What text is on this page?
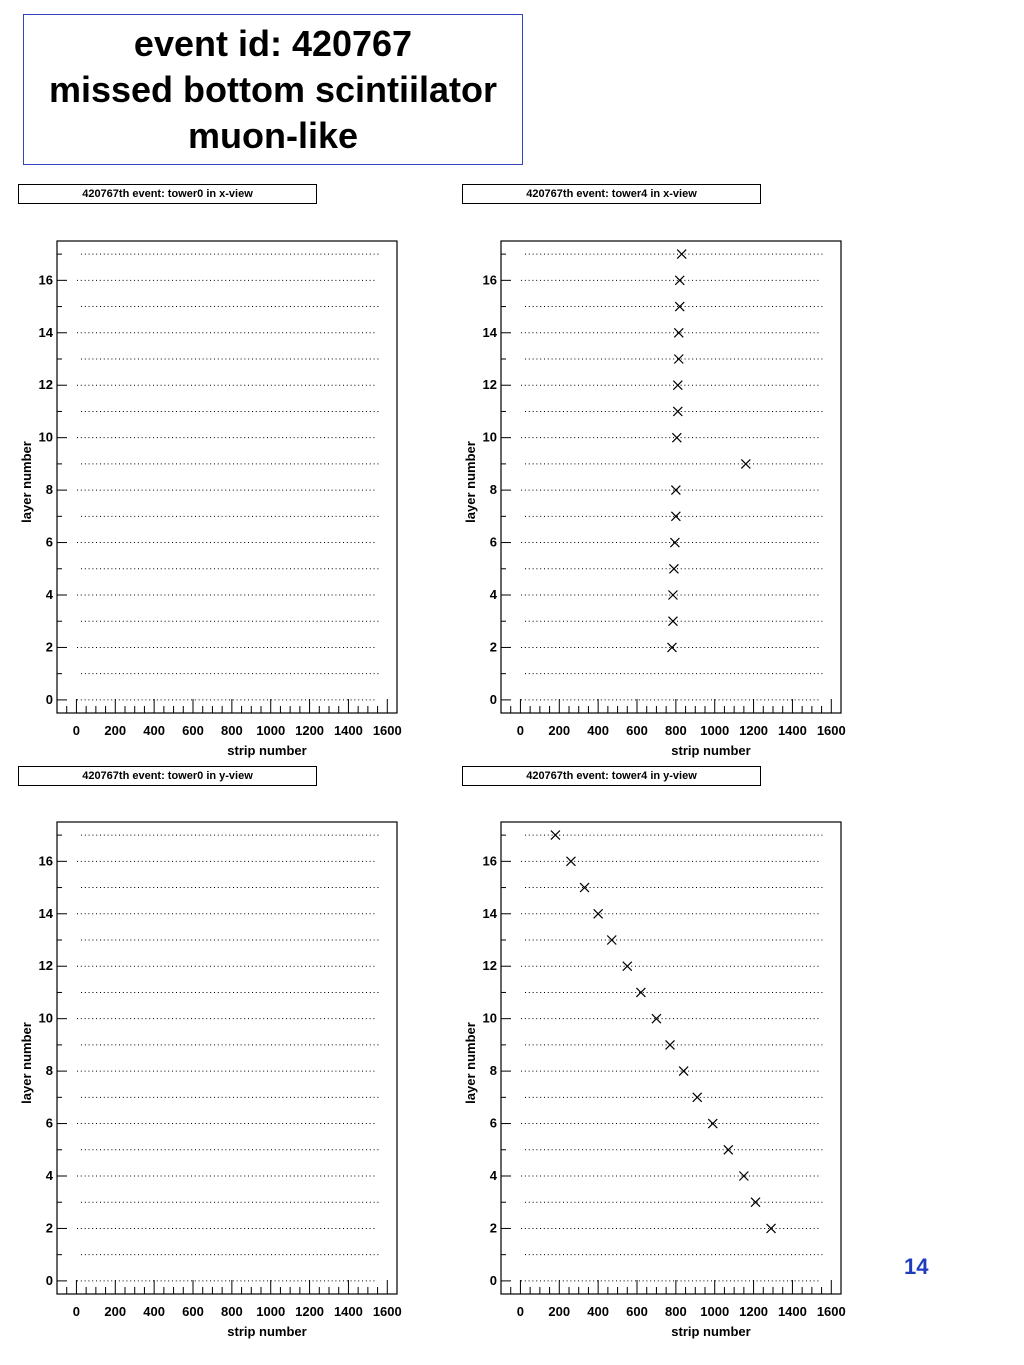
event id: 420767
missed bottom scintiilator
muon-like
420767th event: tower0 in x-view	420767th event: tower4 in x-view
420767th event: tower0 in y-view	420767th event: tower4 in y-view
0 200 400 600 800 1000 1200 1400 1600
0
2
4
6
8
10
12
14
16
strip number
layer number
0 200 400 600 800 1000 1200 1400 1600
0
2
4
6
8
10
12
14
16
strip number
layer number
0 200 400 600 800 1000 1200 1400 1600
0
2
4
6
8
10
12
14
16
strip number
layer number
0 200 400 600 800 1000 1200 1400 1600
0
2
4
6
8
10
12
14
16
strip number
layer number
14
